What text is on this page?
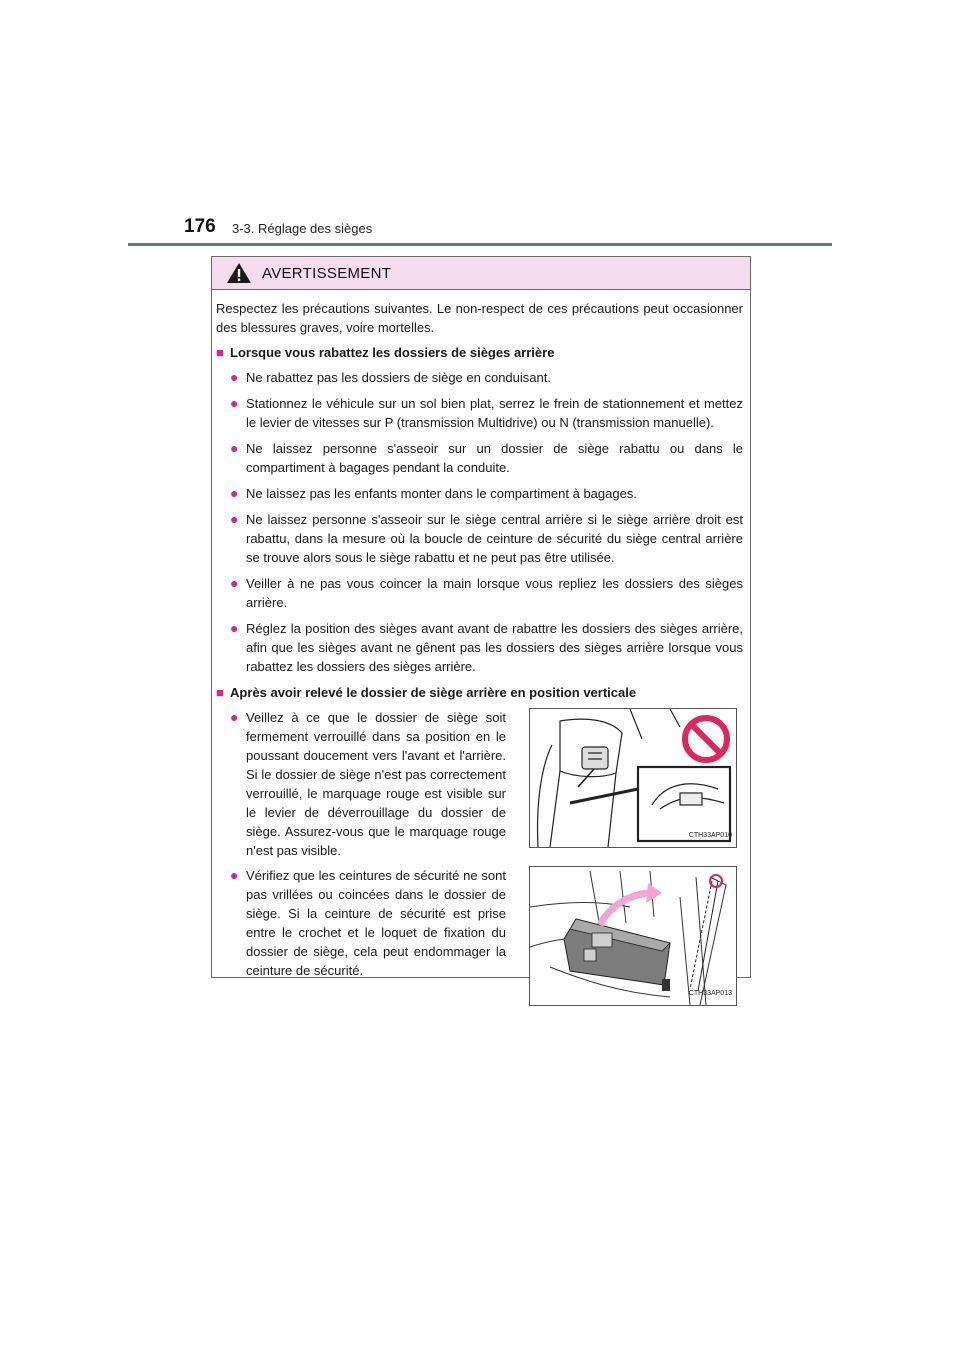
176 3-3. Réglage des sièges
AVERTISSEMENT

Respectez les précautions suivantes. Le non-respect de ces précautions peut occasionner des blessures graves, voire mortelles.

■ Lorsque vous rabattez les dossiers de sièges arrière
● Ne rabattez pas les dossiers de siège en conduisant.
● Stationnez le véhicule sur un sol bien plat, serrez le frein de stationnement et mettez le levier de vitesses sur P (transmission Multidrive) ou N (transmission manuelle).
● Ne laissez personne s'asseoir sur un dossier de siège rabattu ou dans le compartiment à bagages pendant la conduite.
● Ne laissez pas les enfants monter dans le compartiment à bagages.
● Ne laissez personne s'asseoir sur le siège central arrière si le siège arrière droit est rabattu, dans la mesure où la boucle de ceinture de sécurité du siège central arrière se trouve alors sous le siège rabattu et ne peut pas être utilisée.
● Veiller à ne pas vous coincer la main lorsque vous repliez les dossiers des sièges arrière.
● Réglez la position des sièges avant avant de rabattre les dossiers des sièges arrière, afin que les sièges avant ne gênent pas les dossiers des sièges arrière lorsque vous rabattez les dossiers des sièges arrière.
■ Après avoir relevé le dossier de siège arrière en position verticale
● Veillez à ce que le dossier de siège soit fermement verrouillé dans sa position en le poussant doucement vers l'avant et l'arrière. Si le dossier de siège n'est pas correctement verrouillé, le marquage rouge est visible sur le levier de déverrouillage du dossier de siège. Assurez-vous que le marquage rouge n'est pas visible.
CTH33AP010
● Vérifiez que les ceintures de sécurité ne sont pas vrillées ou coincées dans le dossier de siège. Si la ceinture de sécurité est prise entre le crochet et le loquet de fixation du dossier de siège, cela peut endommager la ceinture de sécurité.
CTH33AP013
